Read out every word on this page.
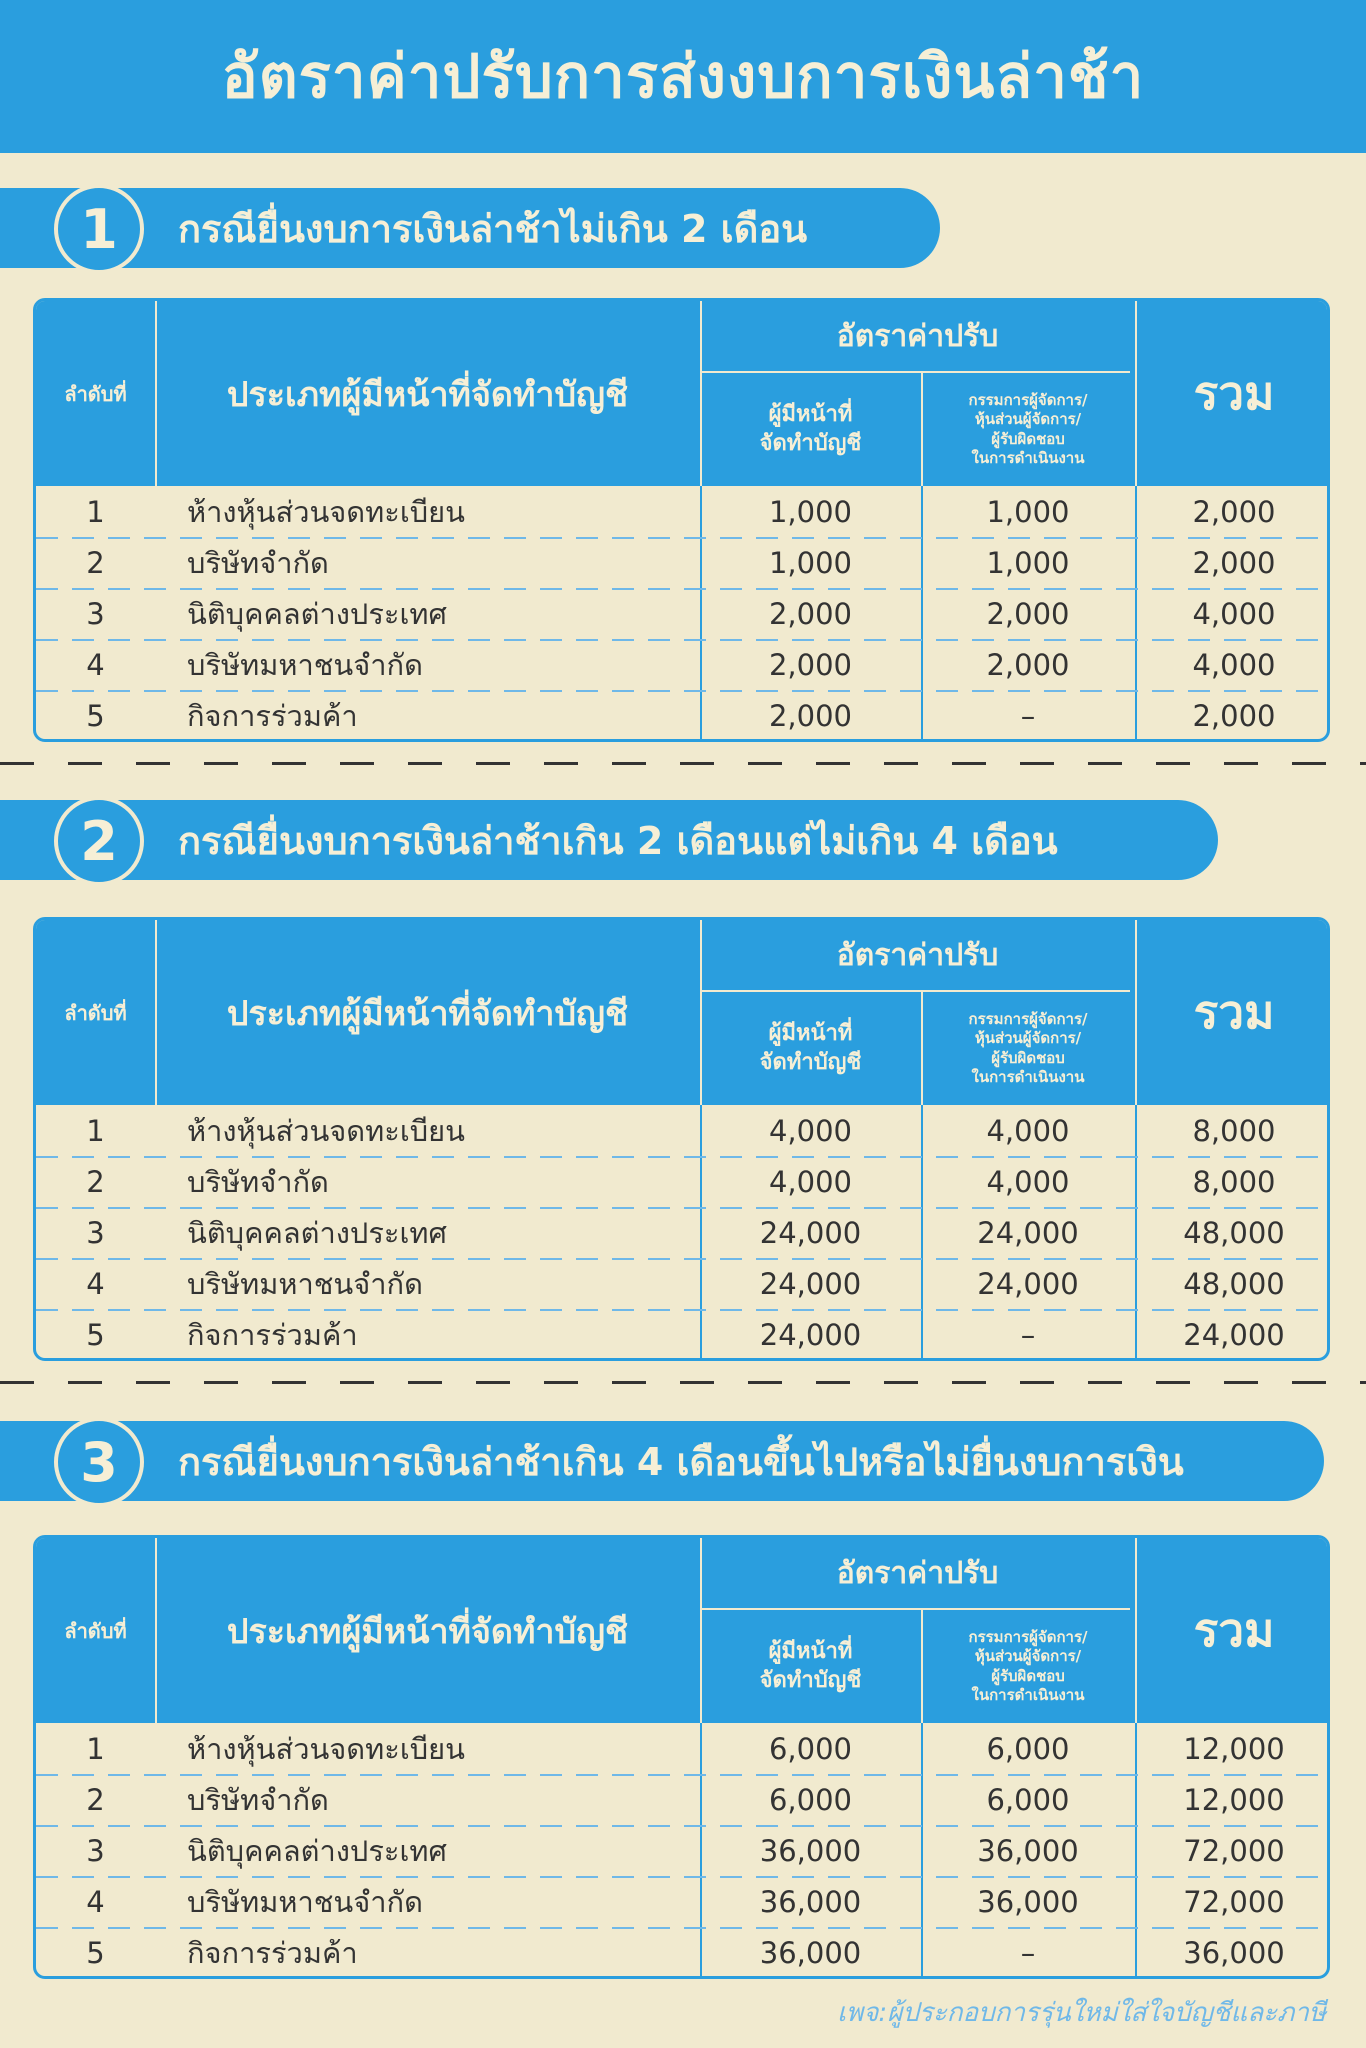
อัตราค่าปรับการส่งงบการเงินล่าช้า
1	กรณียื่นงบการเงินล่าช้าไม่เกิน 2 เดือน
ลำดับที่	ประเภทผู้มีหน้าที่จัดทำบัญชี
อัตราค่าปรับ
ผู้มีหน้าที่
จัดทำบัญชี
กรรมการผู้จัดการ/
หุ้นส่วนผู้จัดการ/
ผู้รับผิดชอบ
ในการดำเนินงาน
รวม
1	ห้างหุ้นส่วนจดทะเบียน	1,000	1,000	2,000
2	บริษัทจำกัด	1,000	1,000	2,000
3	นิติบุคคลต่างประเทศ	2,000	2,000	4,000
4	บริษัทมหาชนจำกัด	2,000	2,000	4,000
5	กิจการร่วมค้า	2,000	–	2,000
2	กรณียื่นงบการเงินล่าช้าเกิน 2 เดือนแต่ไม่เกิน 4 เดือน
ลำดับที่	ประเภทผู้มีหน้าที่จัดทำบัญชี
อัตราค่าปรับ
ผู้มีหน้าที่
จัดทำบัญชี
กรรมการผู้จัดการ/
หุ้นส่วนผู้จัดการ/
ผู้รับผิดชอบ
ในการดำเนินงาน
รวม
1	ห้างหุ้นส่วนจดทะเบียน	4,000	4,000	8,000
2	บริษัทจำกัด	4,000	4,000	8,000
3	นิติบุคคลต่างประเทศ	24,000	24,000	48,000
4	บริษัทมหาชนจำกัด	24,000	24,000	48,000
5	กิจการร่วมค้า	24,000	–	24,000
3	กรณียื่นงบการเงินล่าช้าเกิน 4 เดือนขึ้นไปหรือไม่ยื่นงบการเงิน
ลำดับที่	ประเภทผู้มีหน้าที่จัดทำบัญชี
อัตราค่าปรับ
ผู้มีหน้าที่
จัดทำบัญชี
กรรมการผู้จัดการ/
หุ้นส่วนผู้จัดการ/
ผู้รับผิดชอบ
ในการดำเนินงาน
รวม
1	ห้างหุ้นส่วนจดทะเบียน	6,000	6,000	12,000
2	บริษัทจำกัด	6,000	6,000	12,000
3	นิติบุคคลต่างประเทศ	36,000	36,000	72,000
4	บริษัทมหาชนจำกัด	36,000	36,000	72,000
5	กิจการร่วมค้า	36,000	–	36,000
เพจ:ผู้ประกอบการรุ่นใหม่ใส่ใจบัญชีและภาษี
